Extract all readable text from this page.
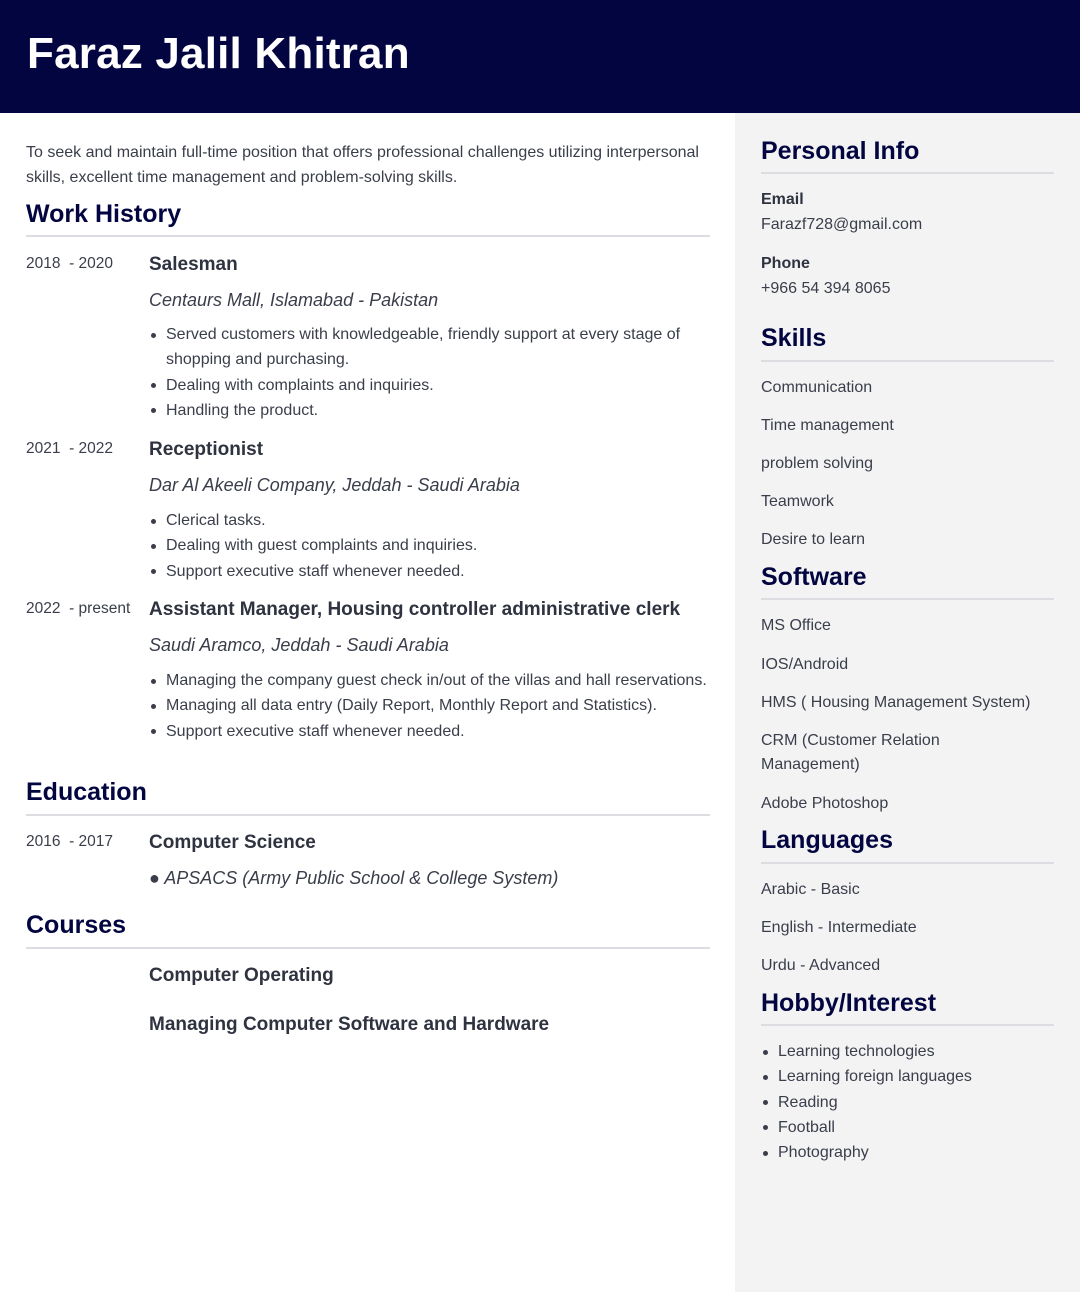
Faraz Jalil Khitran

To seek and maintain full-time position that offers professional challenges utilizing interpersonal skills, excellent time management and problem-solving skills.

Work History
2018  - 2020 Salesman
Centaurs Mall, Islamabad - Pakistan
Served customers with knowledgeable, friendly support at every stage of shopping and purchasing.
Dealing with complaints and inquiries.
Handling the product.
2021  - 2022 Receptionist
Dar Al Akeeli Company, Jeddah - Saudi Arabia
Clerical tasks.
Dealing with guest complaints and inquiries.
Support executive staff whenever needed.
2022  - present Assistant Manager, Housing controller administrative clerk
Saudi Aramco, Jeddah - Saudi Arabia
Managing the company guest check in/out of the villas and hall reservations.
Managing all data entry (Daily Report, Monthly Report and Statistics).
Support executive staff whenever needed.
Education
2016  - 2017 Computer Science
● APSACS (Army Public School & College System)
Courses
Computer Operating
Managing Computer Software and Hardware
Personal Info
Email
Farazf728@gmail.com
Phone
+966 54 394 8065
Skills
Communication
Time management
problem solving
Teamwork
Desire to learn
Software
MS Office
IOS/Android
HMS ( Housing Management System)
CRM (Customer Relation Management)
Adobe Photoshop
Languages
Arabic - Basic
English - Intermediate
Urdu - Advanced
Hobby/Interest
Learning technologies
Learning foreign languages
Reading
Football
Photography
